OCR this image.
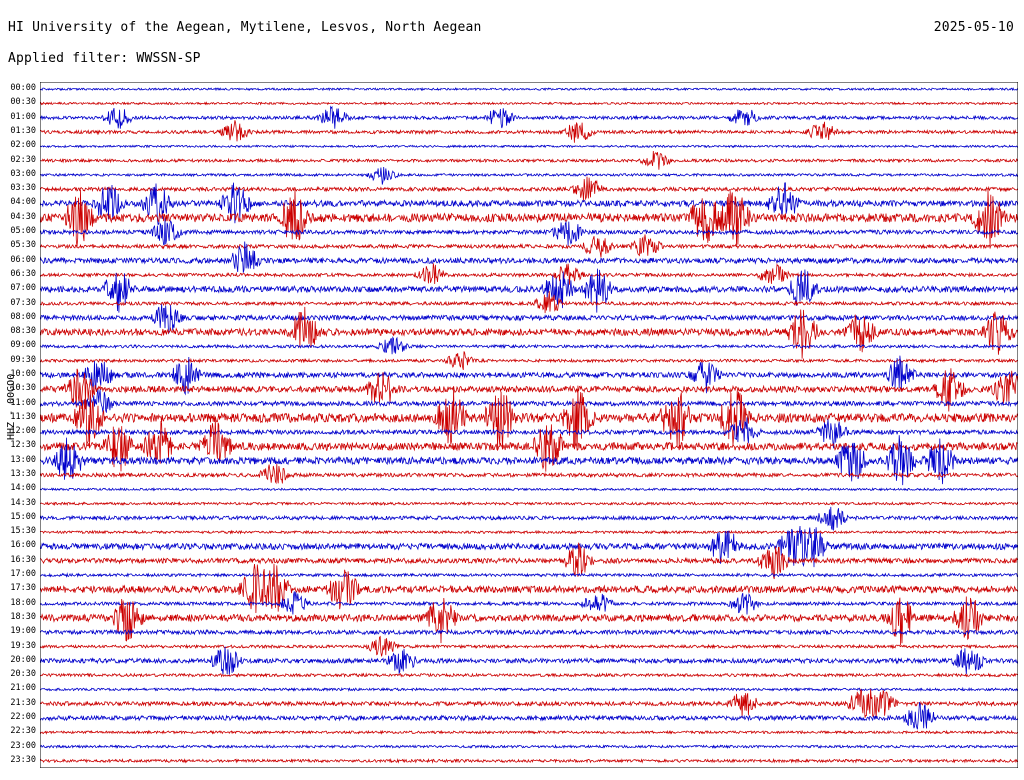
HI University of the Aegean, Mytilene, Lesvos, North Aegean	2025-05-10
Applied filter: WWSSN-SP
HHZ - 00GO0
00:00
00:30
01:00
01:30
02:00
02:30
03:00
03:30
04:00
04:30
05:00
05:30
06:00
06:30
07:00
07:30
08:00
08:30
09:00
09:30
10:00
10:30
11:00
11:30
12:00
12:30
13:00
13:30
14:00
14:30
15:00
15:30
16:00
16:30
17:00
17:30
18:00
18:30
19:00
19:30
20:00
20:30
21:00
21:30
22:00
22:30
23:00
23:30
